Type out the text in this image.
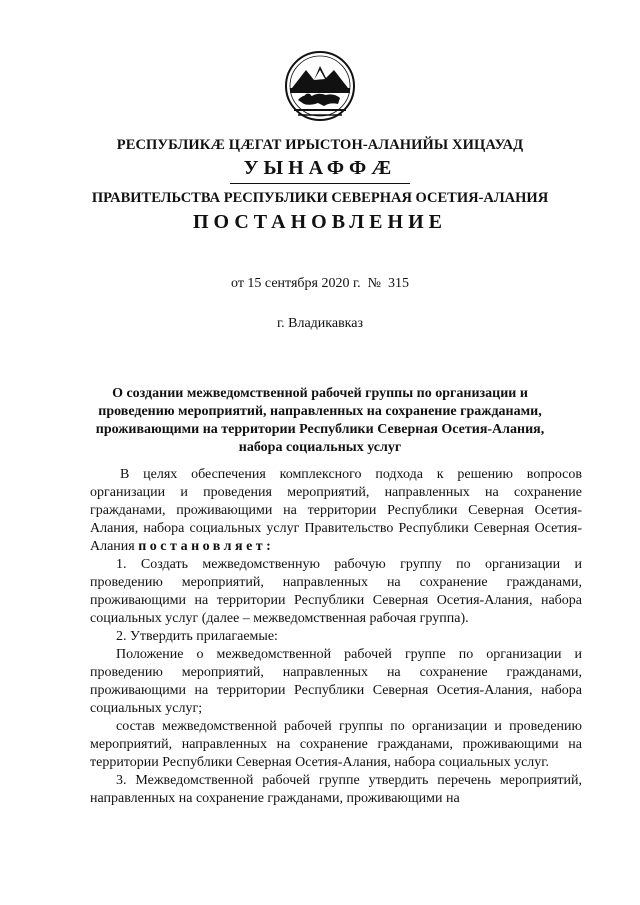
РЕСПУБЛИКÆ ЦÆГАТ ИРЫСТОН-АЛАНИЙЫ ХИЦАУАД
УЫНАФФÆ
ПРАВИТЕЛЬСТВА РЕСПУБЛИКИ СЕВЕРНАЯ ОСЕТИЯ-АЛАНИЯ
ПОСТАНОВЛЕНИЕ
от 15 сентября 2020 г. № 315
г. Владикавказ
О создании межведомственной рабочей группы по организации и проведению мероприятий, направленных на сохранение гражданами, проживающими на территории Республики Северная Осетия-Алания, набора социальных услуг

В целях обеспечения комплексного подхода к решению вопросов организации и проведения мероприятий, направленных на сохранение гражданами, проживающими на территории Республики Северная Осетия-Алания, набора социальных услуг Правительство Республики Северная Осетия-Алания постановляет:

1. Создать межведомственную рабочую группу по организации и проведению мероприятий, направленных на сохранение гражданами, проживающими на территории Республики Северная Осетия-Алания, набора социальных услуг (далее – межведомственная рабочая группа).

2. Утвердить прилагаемые:

Положение о межведомственной рабочей группе по организации и проведению мероприятий, направленных на сохранение гражданами, проживающими на территории Республики Северная Осетия-Алания, набора социальных услуг;

состав межведомственной рабочей группы по организации и проведению мероприятий, направленных на сохранение гражданами, проживающими на территории Республики Северная Осетия-Алания, набора социальных услуг.

3. Межведомственной рабочей группе утвердить перечень мероприятий, направленных на сохранение гражданами, проживающими на
